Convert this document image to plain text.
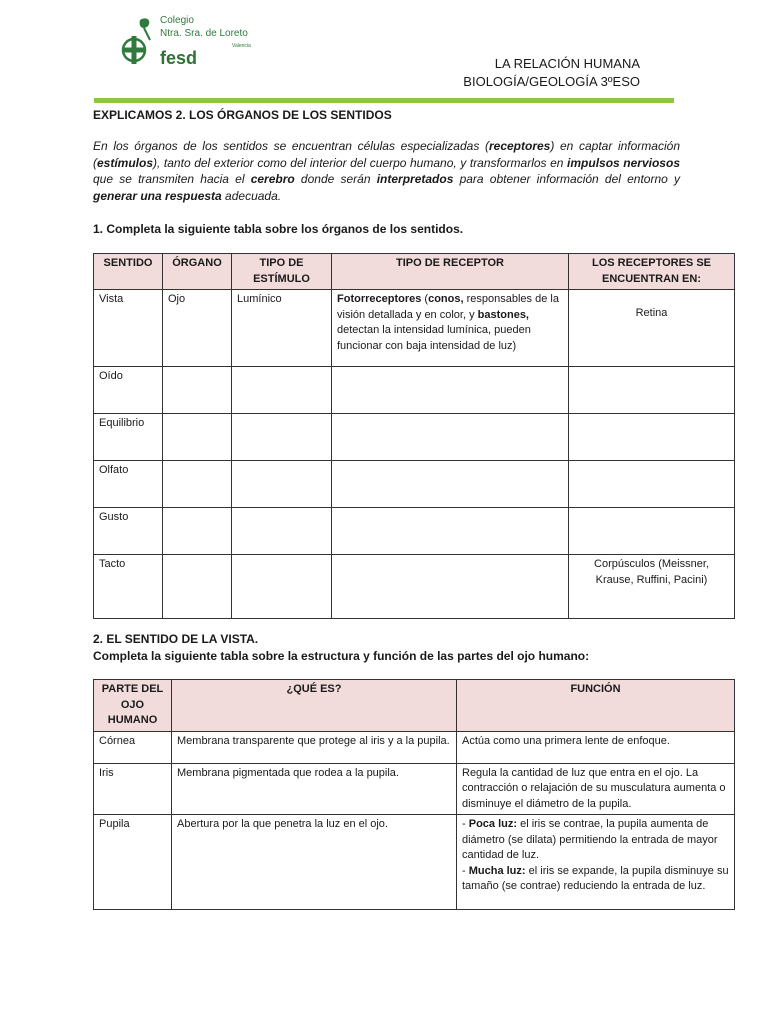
Colegio
Ntra. Sra. de Loreto
Valencia
fesd	LA RELACIÓN HUMANA
BIOLOGÍA/GEOLOGÍA 3ºESO
EXPLICAMOS 2. LOS ÓRGANOS DE LOS SENTIDOS

En los órganos de los sentidos se encuentran células especializadas (receptores) en captar información (estímulos), tanto del exterior como del interior del cuerpo humano, y transformarlos en impulsos nerviosos que se transmiten hacia el cerebro donde serán interpretados para obtener información del entorno y generar una respuesta adecuada.

1. Completa la siguiente tabla sobre los órganos de los sentidos.
SENTIDO	ÓRGANO	TIPO DE ESTÍMULO	TIPO DE RECEPTOR	LOS RECEPTORES SE ENCUENTRAN EN:
Vista	Ojo	Lumínico	Fotorreceptores (conos, responsables de la visión detallada y en color, y bastones, detectan la intensidad lumínica, pueden funcionar con baja intensidad de luz)	Retina
Oído				
Equilibrio				
Olfato				
Gusto				
Tacto				Corpúsculos (Meissner, Krause, Ruffini, Pacini)
2. EL SENTIDO DE LA VISTA.
Completa la siguiente tabla sobre la estructura y función de las partes del ojo humano:
PARTE DEL OJO HUMANO	¿QUÉ ES?	FUNCIÓN
Córnea	Membrana transparente que protege al iris y a la pupila.	Actúa como una primera lente de enfoque.
Iris	Membrana pigmentada que rodea a la pupila.	Regula la cantidad de luz que entra en el ojo. La contracción o relajación de su musculatura aumenta o disminuye el diámetro de la pupila.
Pupila	Abertura por la que penetra la luz en el ojo.	- Poca luz: el iris se contrae, la pupila aumenta de diámetro (se dilata) permitiendo la entrada de mayor cantidad de luz.
- Mucha luz: el iris se expande, la pupila disminuye su tamaño (se contrae) reduciendo la entrada de luz.
